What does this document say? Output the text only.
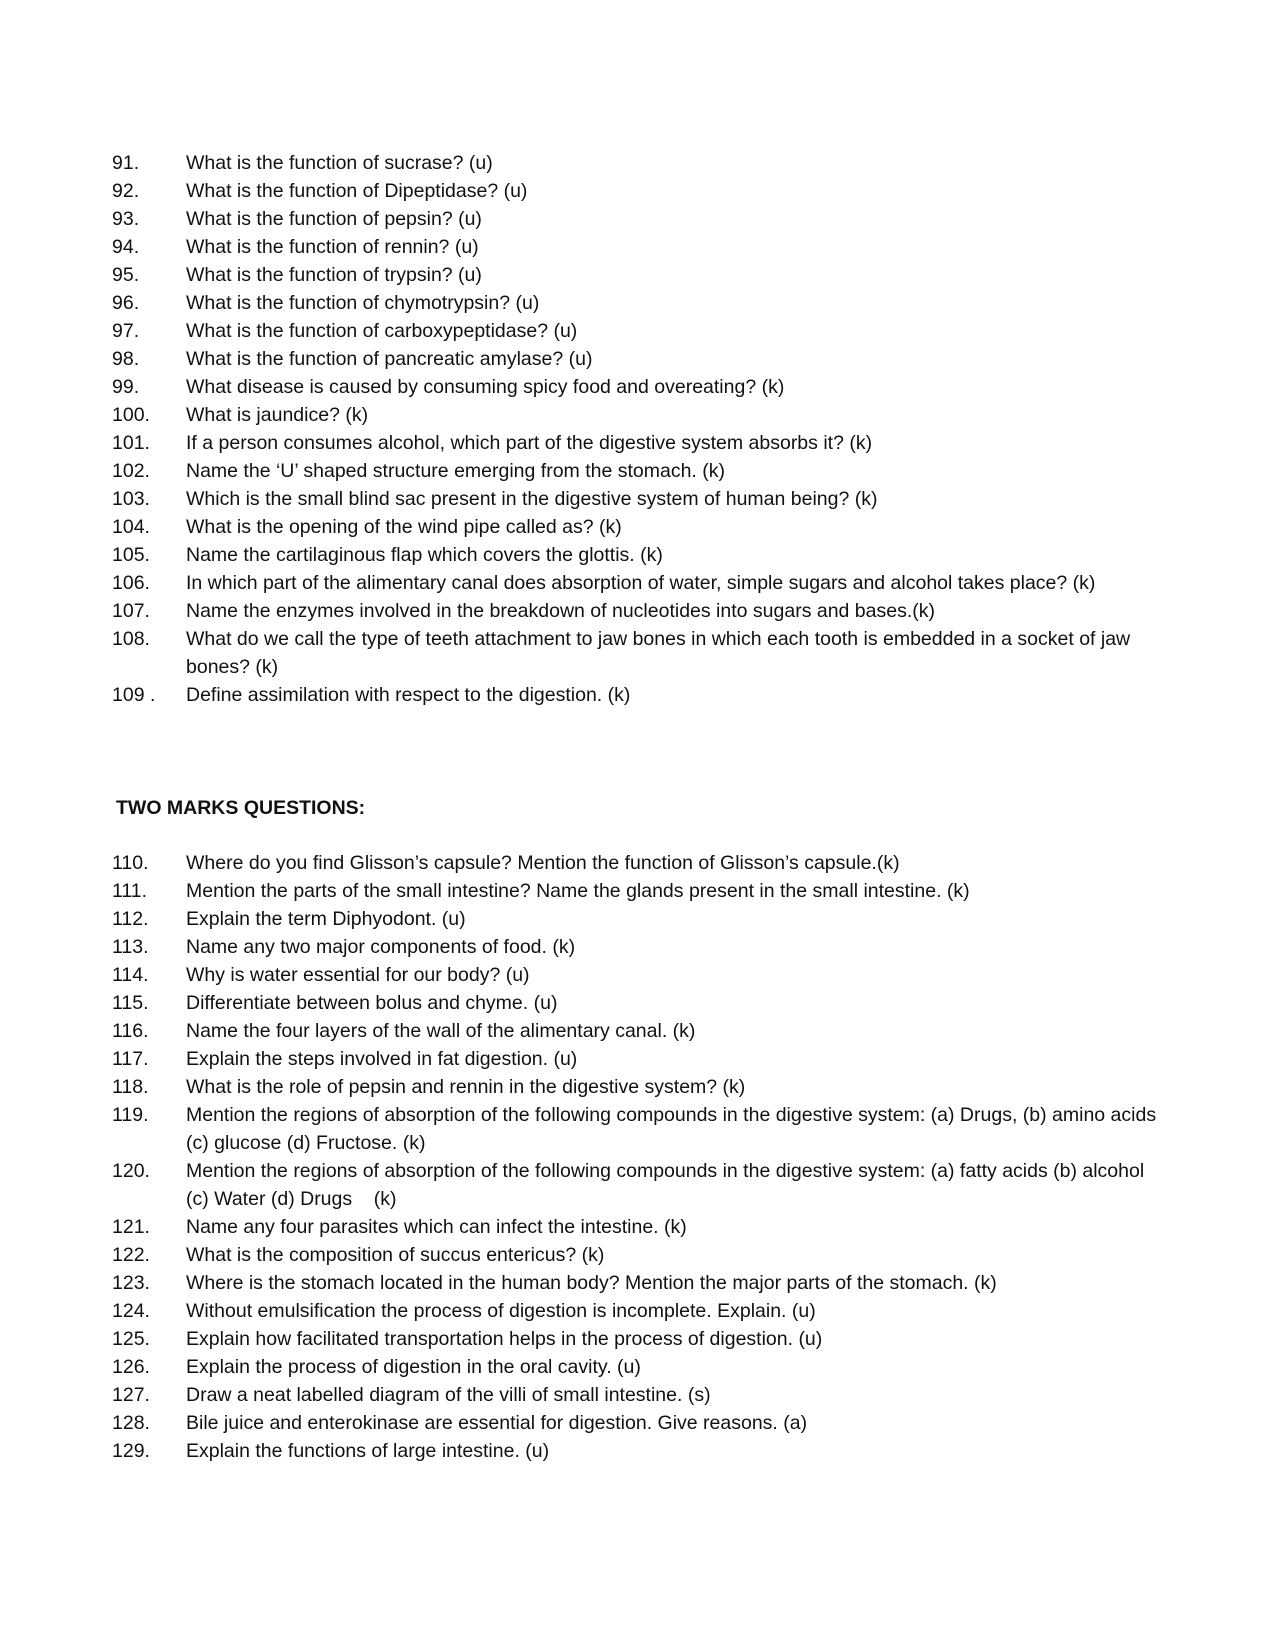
91.	What is the function of sucrase? (u)
92.	What is the function of Dipeptidase? (u)
93.	What is the function of pepsin? (u)
94.	What is the function of rennin? (u)
95.	What is the function of trypsin? (u)
96.	What is the function of chymotrypsin? (u)
97.	What is the function of carboxypeptidase? (u)
98.	What is the function of pancreatic amylase? (u)
99.	What disease is caused by consuming spicy food and overeating? (k)
100.	What is jaundice? (k)
101.	If a person consumes alcohol, which part of the digestive system absorbs it? (k)
102.	Name the ‘U’ shaped structure emerging from the stomach. (k)
103.	Which is the small blind sac present in the digestive system of human being? (k)
104.	What is the opening of the wind pipe called as? (k)
105.	Name the cartilaginous flap which covers the glottis. (k)
106.	In which part of the alimentary canal does absorption of water, simple sugars and alcohol takes place? (k)
107.	Name the enzymes involved in the breakdown of nucleotides into sugars and bases.(k)
108.	What do we call the type of teeth attachment to jaw bones in which each tooth is embedded in a socket of jaw bones? (k)
109 .	Define assimilation with respect to the digestion. (k)
TWO MARKS QUESTIONS:
110.	Where do you find Glisson’s capsule? Mention the function of Glisson’s capsule.(k)
111.	Mention the parts of the small intestine? Name the glands present in the small intestine. (k)
112.	Explain the term Diphyodont. (u)
113.	Name any two major components of food. (k)
114.	Why is water essential for our body? (u)
115.	Differentiate between bolus and chyme. (u)
116.	Name the four layers of the wall of the alimentary canal. (k)
117.	Explain the steps involved in fat digestion. (u)
118.	What is the role of pepsin and rennin in the digestive system? (k)
119.	Mention the regions of absorption of the following compounds in the digestive system: (a) Drugs, (b) amino acids (c) glucose (d) Fructose. (k)
120.	Mention the regions of absorption of the following compounds in the digestive system: (a) fatty acids (b) alcohol (c) Water (d) Drugs    (k)
121.	Name any four parasites which can infect the intestine. (k)
122.	What is the composition of succus entericus? (k)
123.	Where is the stomach located in the human body? Mention the major parts of the stomach. (k)
124.	Without emulsification the process of digestion is incomplete. Explain. (u)
125.	Explain how facilitated transportation helps in the process of digestion. (u)
126.	Explain the process of digestion in the oral cavity. (u)
127.	Draw a neat labelled diagram of the villi of small intestine. (s)
128.	Bile juice and enterokinase are essential for digestion. Give reasons. (a)
129.	Explain the functions of large intestine. (u)
